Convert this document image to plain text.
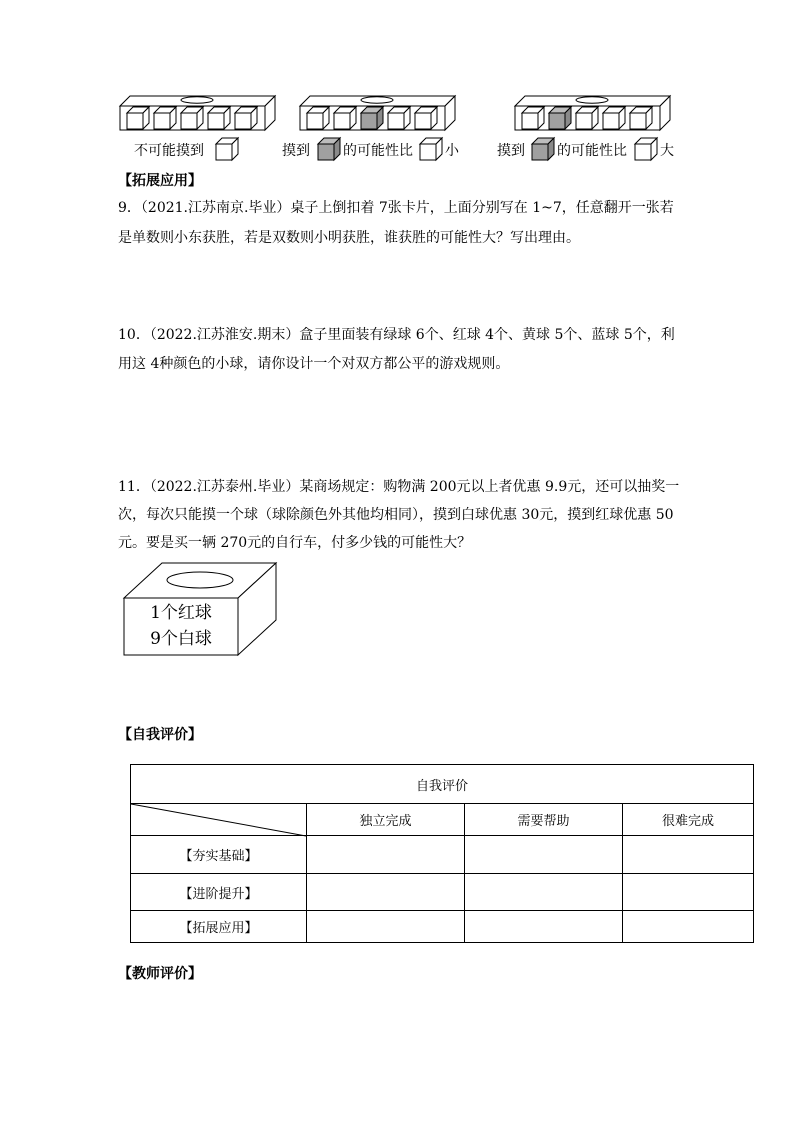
不可能摸到	摸到 的可能性比 小	摸到 的可能性比 大
【拓展应用】
9．（2021.江苏南京.毕业）桌子上倒扣着 7张卡片，上面分别写在 1~7，任意翻开一张若
是单数则小东获胜，若是双数则小明获胜，谁获胜的可能性大？写出理由。
10．（2022.江苏淮安.期末）盒子里面装有绿球 6个、红球 4个、黄球 5个、蓝球 5个，利
用这 4种颜色的小球，请你设计一个对双方都公平的游戏规则。
11．（2022.江苏泰州.毕业）某商场规定：购物满 200元以上者优惠 9.9元，还可以抽奖一
次，每次只能摸一个球（球除颜色外其他均相同），摸到白球优惠 30元，摸到红球优惠 50
元。要是买一辆 270元的自行车，付多少钱的可能性大？
1个红球
9个白球
【自我评价】
自我评价			

	独立完成	需要帮助	很难完成
【夯实基础】			
【进阶提升】			
【拓展应用】			
【教师评价】
